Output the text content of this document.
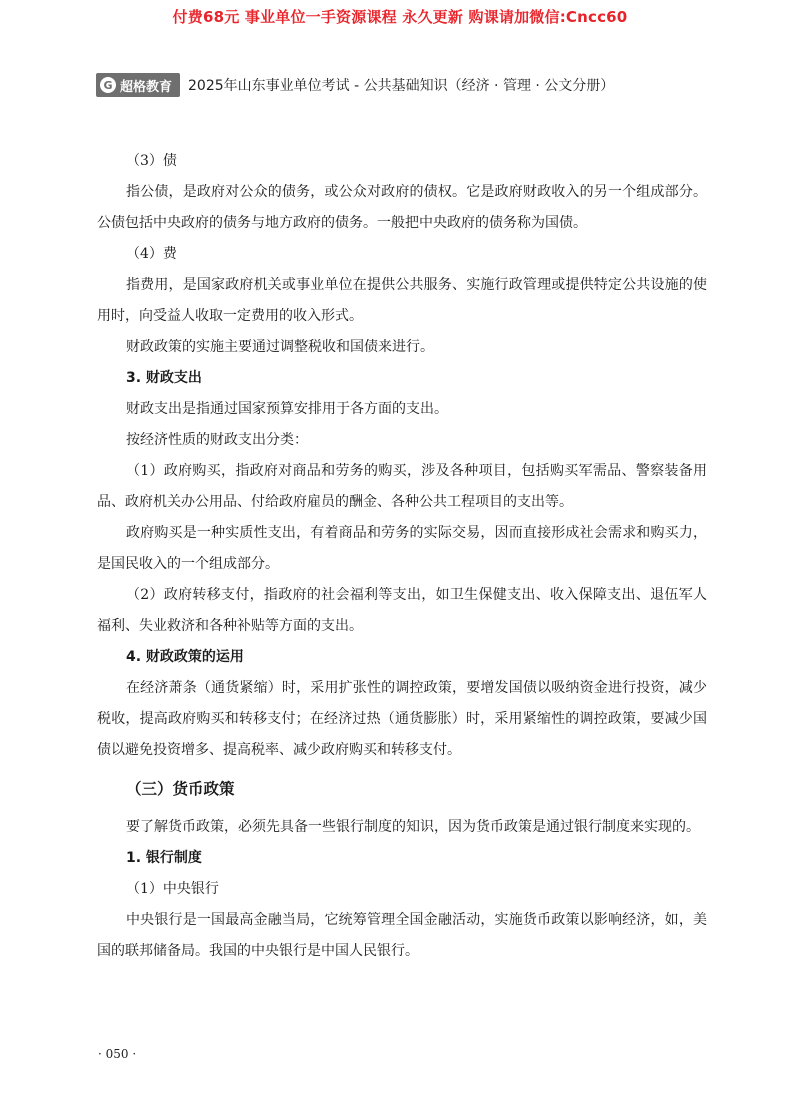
付费68元 事业单位一手资源课程 永久更新 购课请加微信:Cncc60
G 超格教育 2025年山东事业单位考试 - 公共基础知识（经济 · 管理 · 公文分册）

（3）债

指公债，是政府对公众的债务，或公众对政府的债权。它是政府财政收入的另一个组成部分。公债包括中央政府的债务与地方政府的债务。一般把中央政府的债务称为国债。

（4）费

指费用，是国家政府机关或事业单位在提供公共服务、实施行政管理或提供特定公共设施的使用时，向受益人收取一定费用的收入形式。

财政政策的实施主要通过调整税收和国债来进行。

3. 财政支出

财政支出是指通过国家预算安排用于各方面的支出。

按经济性质的财政支出分类：

（1）政府购买，指政府对商品和劳务的购买，涉及各种项目，包括购买军需品、警察装备用品、政府机关办公用品、付给政府雇员的酬金、各种公共工程项目的支出等。

政府购买是一种实质性支出，有着商品和劳务的实际交易，因而直接形成社会需求和购买力，是国民收入的一个组成部分。

（2）政府转移支付，指政府的社会福利等支出，如卫生保健支出、收入保障支出、退伍军人福利、失业救济和各种补贴等方面的支出。

4. 财政政策的运用

在经济萧条（通货紧缩）时，采用扩张性的调控政策，要增发国债以吸纳资金进行投资，减少税收，提高政府购买和转移支付；在经济过热（通货膨胀）时，采用紧缩性的调控政策，要减少国债以避免投资增多、提高税率、减少政府购买和转移支付。

（三）货币政策

要了解货币政策，必须先具备一些银行制度的知识，因为货币政策是通过银行制度来实现的。

1. 银行制度

（1）中央银行

中央银行是一国最高金融当局，它统筹管理全国金融活动，实施货币政策以影响经济，如，美国的联邦储备局。我国的中央银行是中国人民银行。

· 050 ·
